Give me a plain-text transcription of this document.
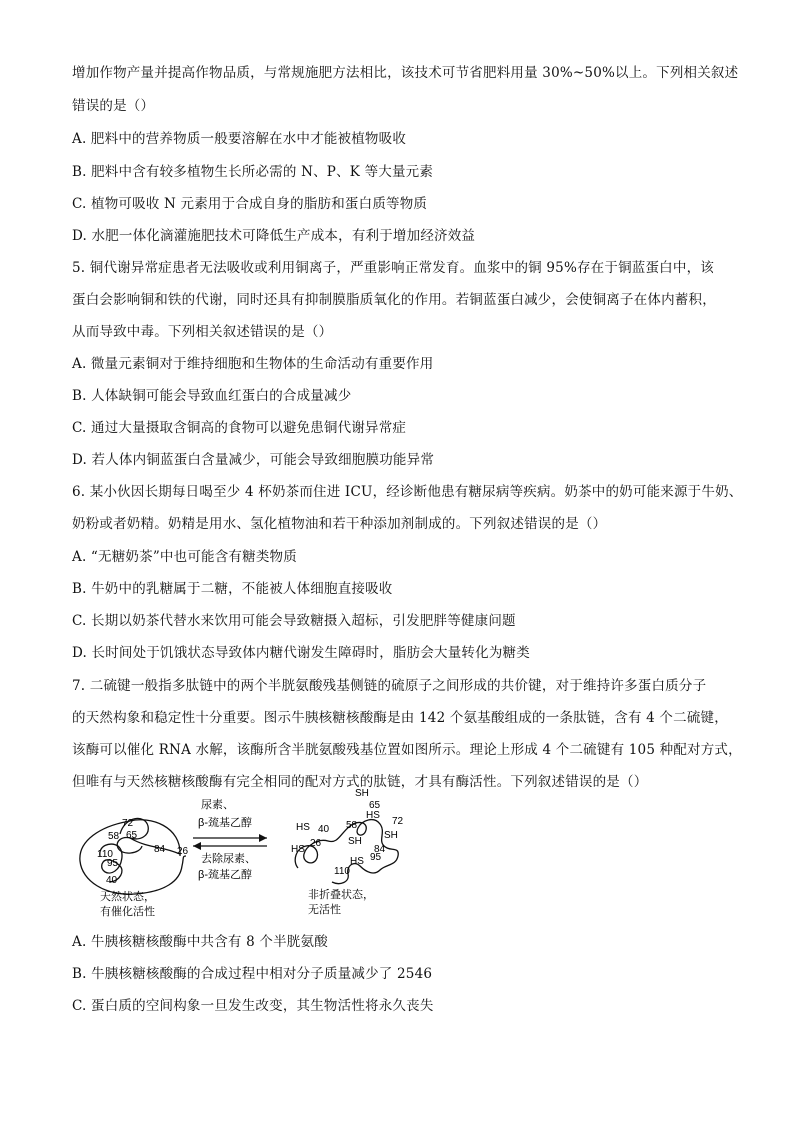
增加作物产量并提高作物品质，与常规施肥方法相比，该技术可节省肥料用量 30%~50%以上。下列相关叙述
错误的是（）
A. 肥料中的营养物质一般要溶解在水中才能被植物吸收
B. 肥料中含有较多植物生长所必需的 N、P、K 等大量元素
C. 植物可吸收 N 元素用于合成自身的脂肪和蛋白质等物质
D. 水肥一体化滴灌施肥技术可降低生产成本，有利于增加经济效益
5. 铜代谢异常症患者无法吸收或利用铜离子，严重影响正常发育。血浆中的铜 95%存在于铜蓝蛋白中，该
蛋白会影响铜和铁的代谢，同时还具有抑制膜脂质氧化的作用。若铜蓝蛋白减少，会使铜离子在体内蓄积，
从而导致中毒。下列相关叙述错误的是（）
A. 微量元素铜对于维持细胞和生物体的生命活动有重要作用
B. 人体缺铜可能会导致血红蛋白的合成量减少
C. 通过大量摄取含铜高的食物可以避免患铜代谢异常症
D. 若人体内铜蓝蛋白含量减少，可能会导致细胞膜功能异常
6. 某小伙因长期每日喝至少 4 杯奶茶而住进 ICU，经诊断他患有糖尿病等疾病。奶茶中的奶可能来源于牛奶、
奶粉或者奶精。奶精是用水、氢化植物油和若干种添加剂制成的。下列叙述错误的是（）
A. “无糖奶茶”中也可能含有糖类物质
B. 牛奶中的乳糖属于二糖，不能被人体细胞直接吸收
C. 长期以奶茶代替水来饮用可能会导致糖摄入超标，引发肥胖等健康问题
D. 长时间处于饥饿状态导致体内糖代谢发生障碍时，脂肪会大量转化为糖类
7. 二硫键一般指多肽链中的两个半胱氨酸残基侧链的硫原子之间形成的共价键，对于维持许多蛋白质分子
的天然构象和稳定性十分重要。图示牛胰核糖核酸酶是由 142 个氨基酸组成的一条肽链，含有 4 个二硫键，
该酶可以催化 RNA 水解，该酶所含半胱氨酸残基位置如图所示。理论上形成 4 个二硫键有 105 种配对方式，
但唯有与天然核糖核酸酶有完全相同的配对方式的肽链，才具有酶活性。下列叙述错误的是（）
72
58 65
110
95
84
40
26
尿素、
β-巯基乙醇
去除尿素、
β-巯基乙醇
SH
65
HS
72
HS 40 58
SH
HS
26
SH
84
95
HS
110
天然状态，
有催化活性
非折叠状态，
无活性
A. 牛胰核糖核酸酶中共含有 8 个半胱氨酸
B. 牛胰核糖核酸酶的合成过程中相对分子质量减少了 2546
C. 蛋白质的空间构象一旦发生改变，其生物活性将永久丧失
